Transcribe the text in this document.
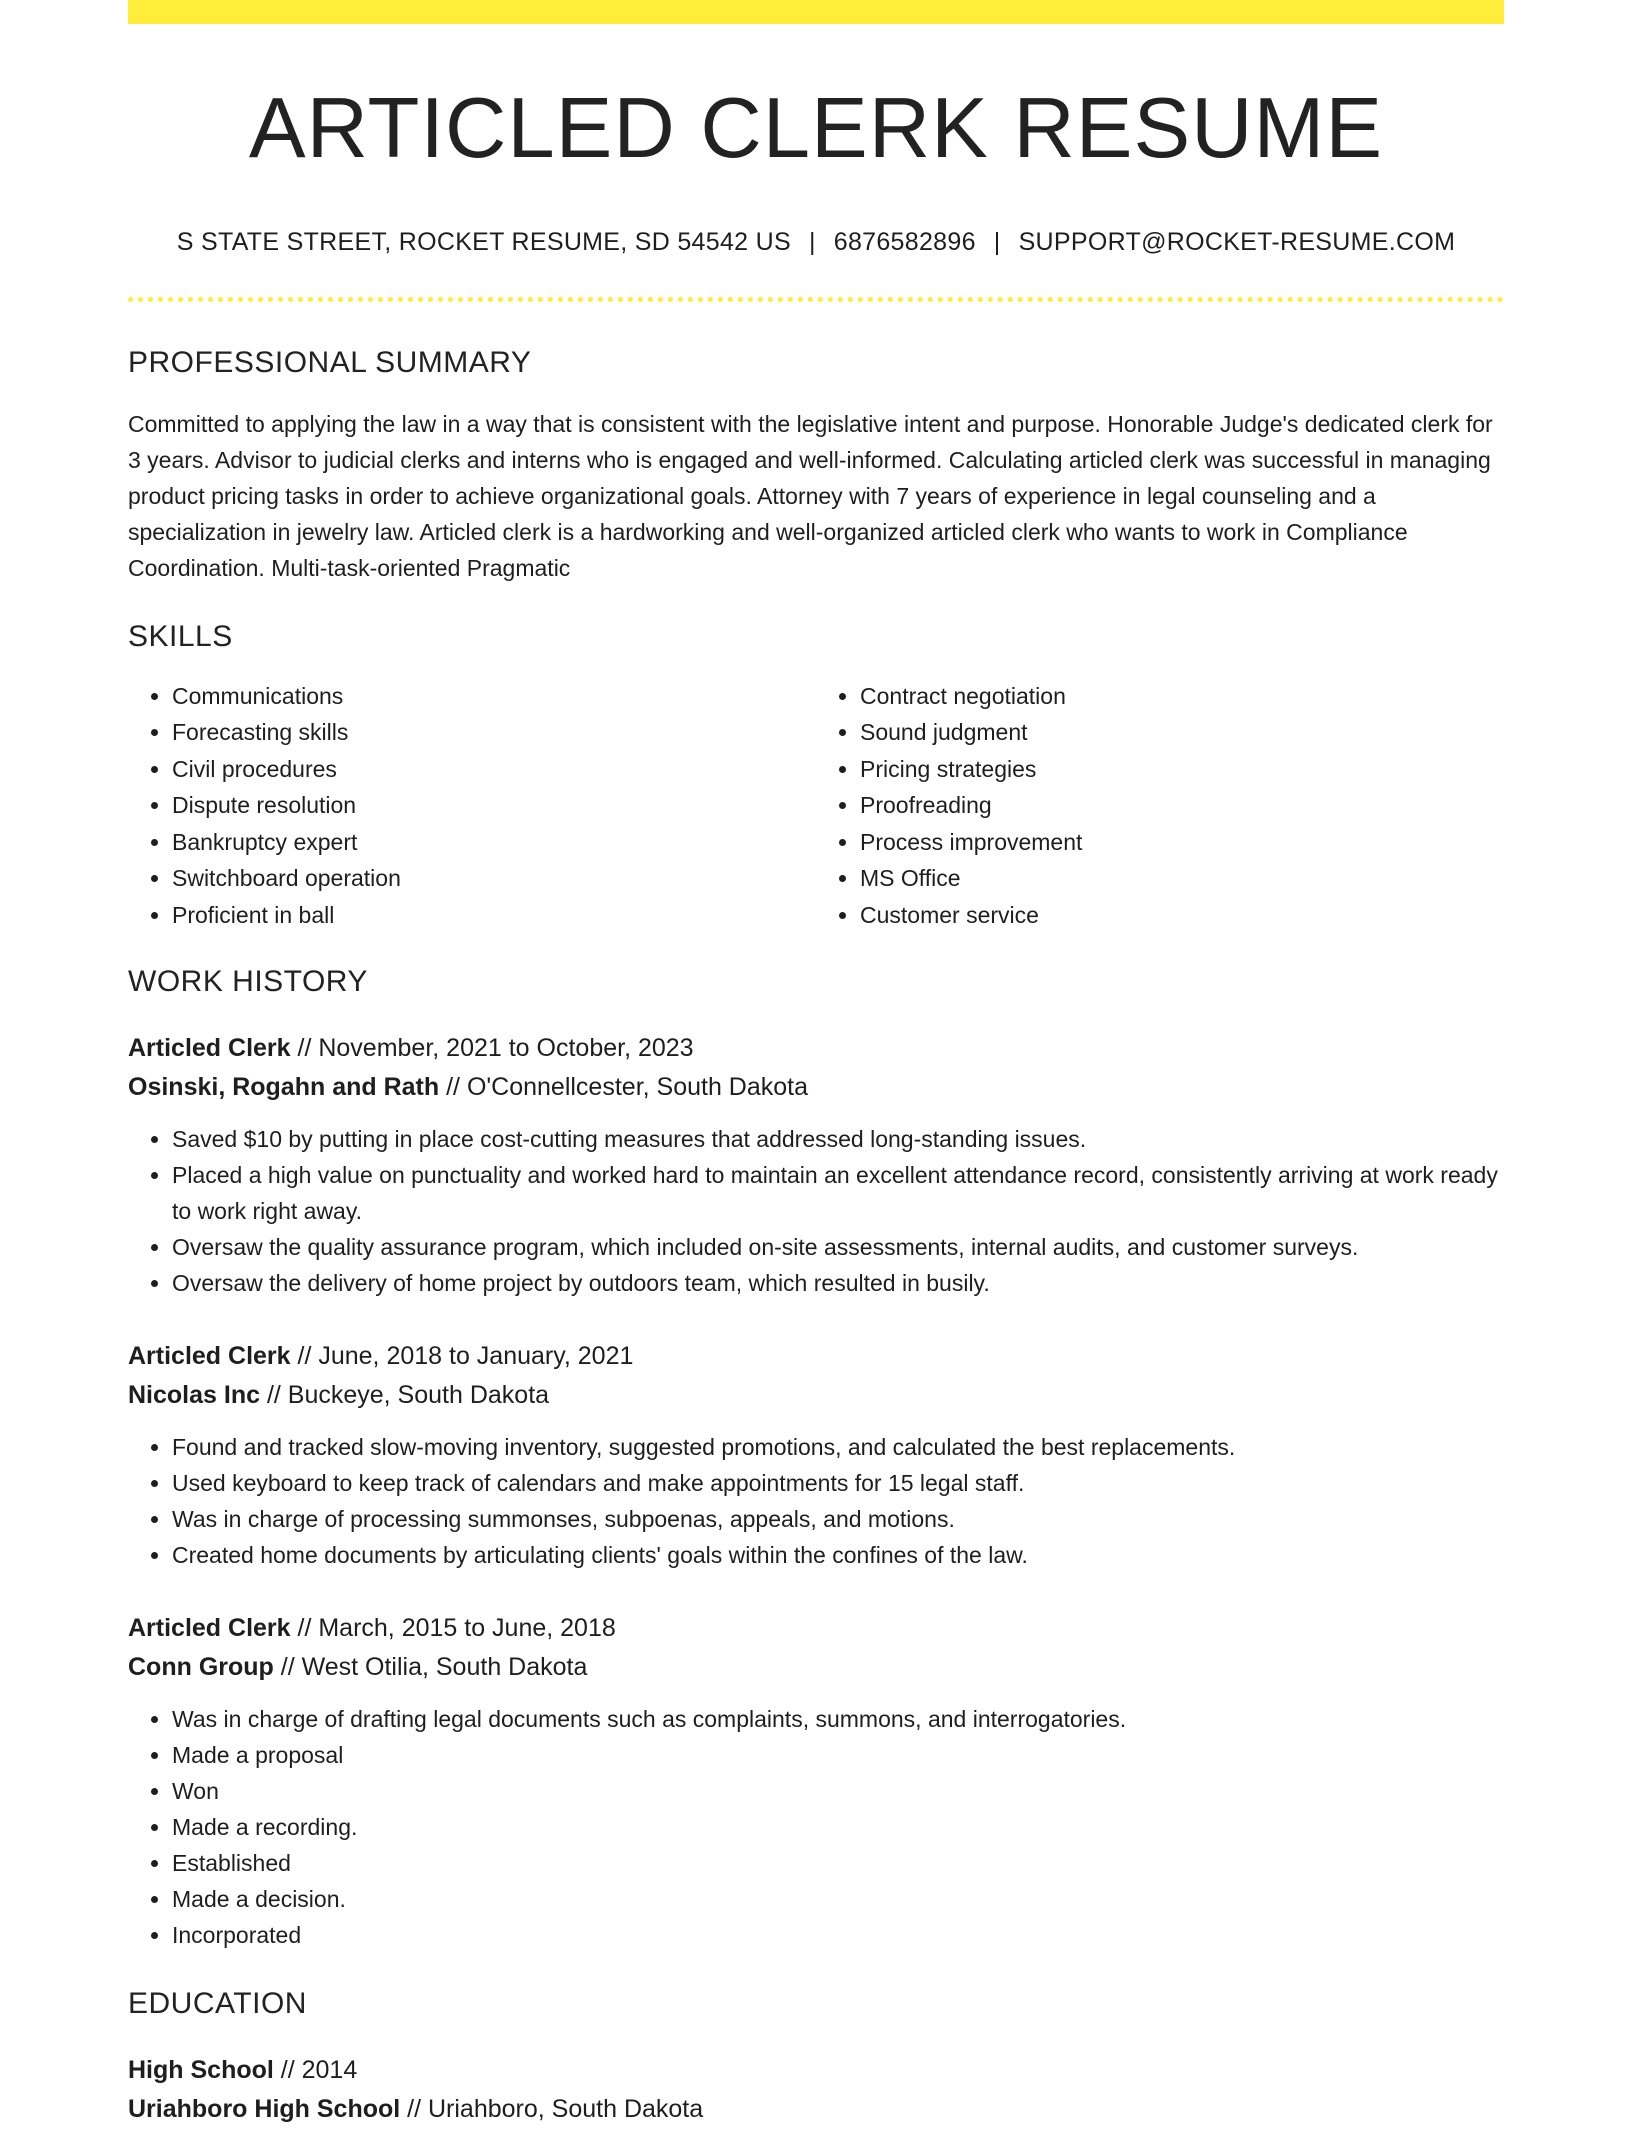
ARTICLED CLERK RESUME
S STATE STREET, ROCKET RESUME, SD 54542 US | 6876582896 | SUPPORT@ROCKET-RESUME.COM
PROFESSIONAL SUMMARY

Committed to applying the law in a way that is consistent with the legislative intent and purpose. Honorable Judge's dedicated clerk for 3 years. Advisor to judicial clerks and interns who is engaged and well-informed. Calculating articled clerk was successful in managing product pricing tasks in order to achieve organizational goals. Attorney with 7 years of experience in legal counseling and a specialization in jewelry law. Articled clerk is a hardworking and well-organized articled clerk who wants to work in Compliance Coordination. Multi-task-oriented Pragmatic

SKILLS
• Communications
• Forecasting skills
• Civil procedures
• Dispute resolution
• Bankruptcy expert
• Switchboard operation
• Proficient in ball
• Contract negotiation
• Sound judgment
• Pricing strategies
• Proofreading
• Process improvement
• MS Office
• Customer service
WORK HISTORY
Articled Clerk // November, 2021 to October, 2023
Osinski, Rogahn and Rath // O'Connellcester, South Dakota
• Saved $10 by putting in place cost-cutting measures that addressed long-standing issues.
• Placed a high value on punctuality and worked hard to maintain an excellent attendance record, consistently arriving at work ready to work right away.
• Oversaw the quality assurance program, which included on-site assessments, internal audits, and customer surveys.
• Oversaw the delivery of home project by outdoors team, which resulted in busily.
Articled Clerk // June, 2018 to January, 2021
Nicolas Inc // Buckeye, South Dakota
• Found and tracked slow-moving inventory, suggested promotions, and calculated the best replacements.
• Used keyboard to keep track of calendars and make appointments for 15 legal staff.
• Was in charge of processing summonses, subpoenas, appeals, and motions.
• Created home documents by articulating clients' goals within the confines of the law.
Articled Clerk // March, 2015 to June, 2018
Conn Group // West Otilia, South Dakota
• Was in charge of drafting legal documents such as complaints, summons, and interrogatories.
• Made a proposal
• Won
• Made a recording.
• Established
• Made a decision.
• Incorporated
EDUCATION
High School // 2014
Uriahboro High School // Uriahboro, South Dakota
